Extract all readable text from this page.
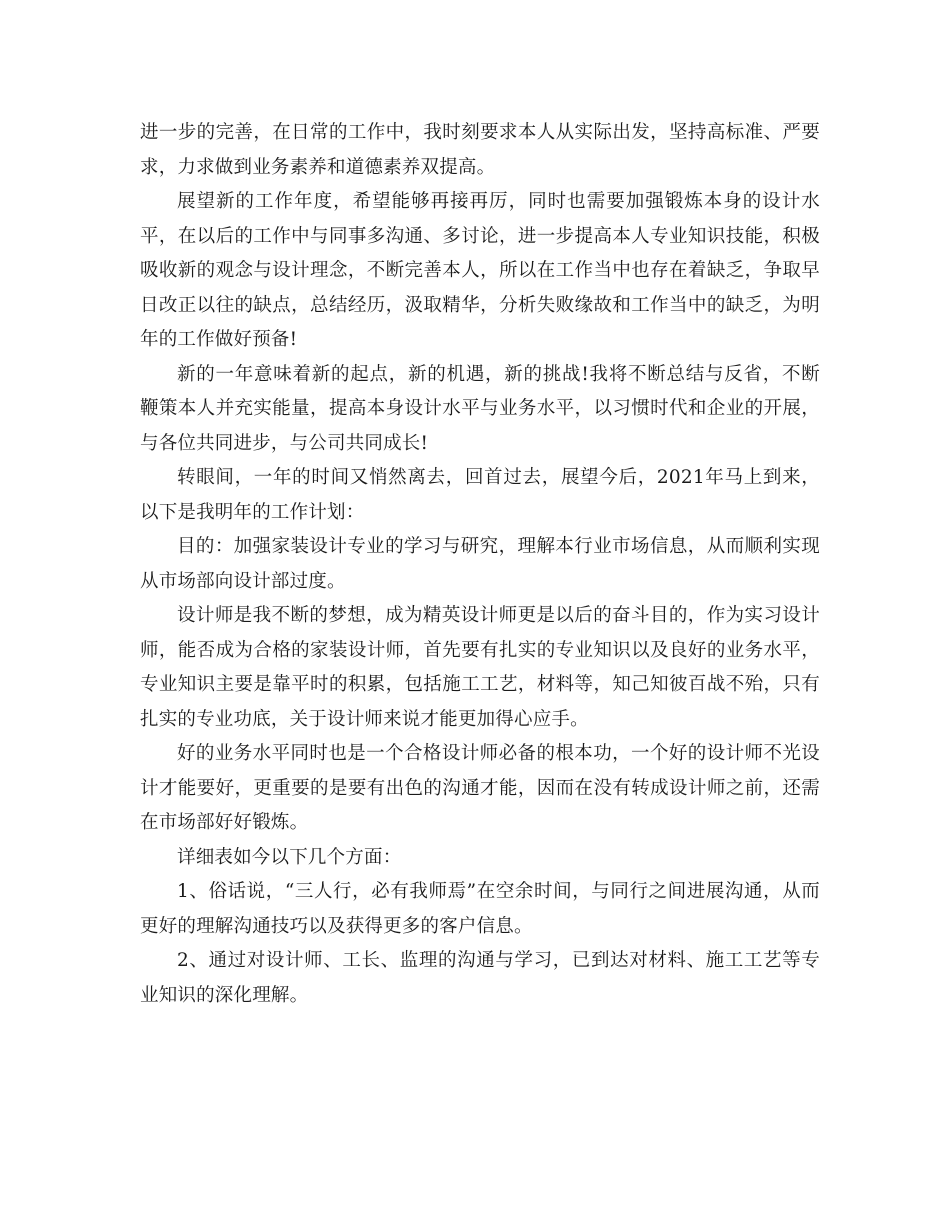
进一步的完善，在日常的工作中，我时刻要求本人从实际出发，坚持高标准、严要求，力求做到业务素养和道德素养双提高。

展望新的工作年度，希望能够再接再厉，同时也需要加强锻炼本身的设计水平，在以后的工作中与同事多沟通、多讨论，进一步提高本人专业知识技能，积极吸收新的观念与设计理念，不断完善本人，所以在工作当中也存在着缺乏，争取早日改正以往的缺点，总结经历，汲取精华，分析失败缘故和工作当中的缺乏，为明年的工作做好预备!

新的一年意味着新的起点，新的机遇，新的挑战!我将不断总结与反省，不断鞭策本人并充实能量，提高本身设计水平与业务水平，以习惯时代和企业的开展，与各位共同进步，与公司共同成长!

转眼间，一年的时间又悄然离去，回首过去，展望今后，2021年马上到来，以下是我明年的工作计划：

目的：加强家装设计专业的学习与研究，理解本行业市场信息，从而顺利实现从市场部向设计部过度。

设计师是我不断的梦想，成为精英设计师更是以后的奋斗目的，作为实习设计师，能否成为合格的家装设计师，首先要有扎实的专业知识以及良好的业务水平，专业知识主要是靠平时的积累，包括施工工艺，材料等，知己知彼百战不殆，只有扎实的专业功底，关于设计师来说才能更加得心应手。

好的业务水平同时也是一个合格设计师必备的根本功，一个好的设计师不光设计才能要好，更重要的是要有出色的沟通才能，因而在没有转成设计师之前，还需在市场部好好锻炼。

详细表如今以下几个方面：

1、俗话说，“三人行，必有我师焉”在空余时间，与同行之间进展沟通，从而更好的理解沟通技巧以及获得更多的客户信息。

2、通过对设计师、工长、监理的沟通与学习，已到达对材料、施工工艺等专业知识的深化理解。
